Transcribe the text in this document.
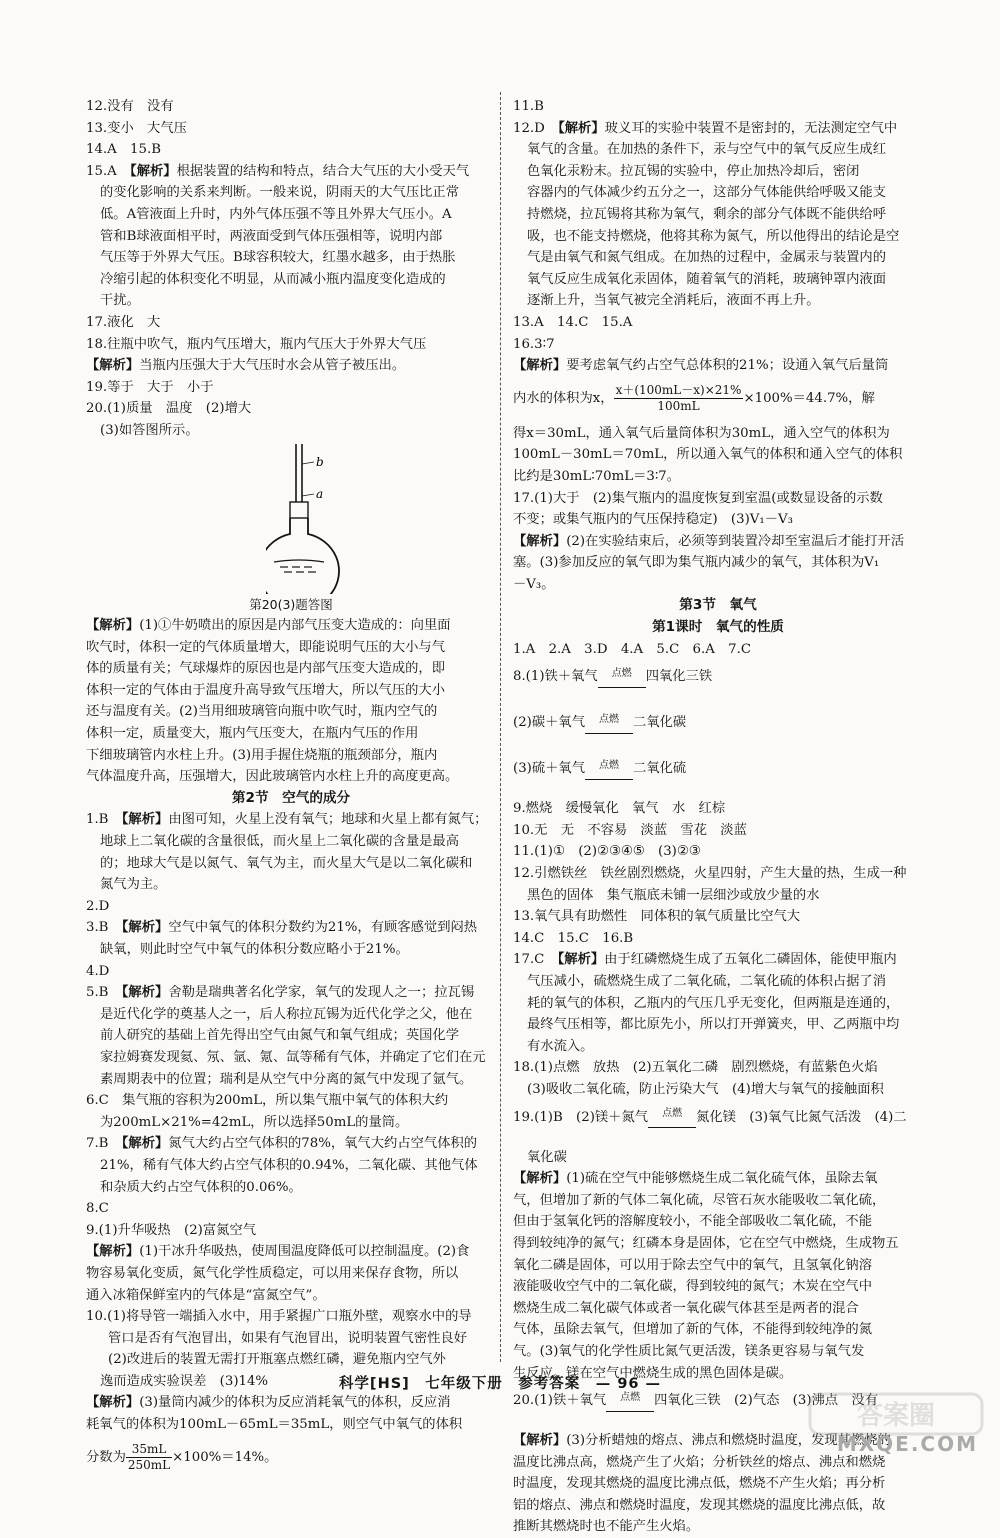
12.没有　没有
13.变小　大气压
14.A　15.B
15.A　 【解析】根据装置的结构和特点，结合大气压的大小受天气
的变化影响的关系来判断。一般来说，阴雨天的大气压比正常
低。A管液面上升时，内外气体压强不等且外界大气压小。A
管和B球液面相平时，两液面受到气体压强相等，说明内部
气压等于外界大气压。B球容积较大，红墨水越多，由于热胀
冷缩引起的体积变化不明显，从而减小瓶内温度变化造成的
干扰。
17.液化　大
18.往瓶中吹气，瓶内气压增大，瓶内气压大于外界大气压
【解析】当瓶内压强大于大气压时水会从管子被压出。
19.等于　大于　小于
20.(1)质量　温度　(2)增大
(3)如答图所示。
b
a
第20(3)题答图
【解析】(1)①牛奶喷出的原因是内部气压变大造成的：向里面
吹气时，体积一定的气体质量增大，即能说明气压的大小与气
体的质量有关；气球爆炸的原因也是内部气压变大造成的，即
体积一定的气体由于温度升高导致气压增大，所以气压的大小
还与温度有关。(2)当用细玻璃管向瓶中吹气时，瓶内空气的
体积一定，质量变大，瓶内气压变大，在瓶内气压的作用
下细玻璃管内水柱上升。(3)用手握住烧瓶的瓶颈部分，瓶内
气体温度升高，压强增大，因此玻璃管内水柱上升的高度更高。
第2节　空气的成分
1.B　 【解析】由图可知，火星上没有氧气；地球和火星上都有氮气；
地球上二氧化碳的含量很低，而火星上二氧化碳的含量是最高
的；地球大气是以氮气、氧气为主，而火星大气是以二氧化碳和
氮气为主。
2.D
3.B　 【解析】空气中氧气的体积分数约为21%，有顾客感觉到闷热
缺氧，则此时空气中氧气的体积分数应略小于21%。
4.D
5.B　 【解析】舍勒是瑞典著名化学家，氧气的发现人之一；拉瓦锡
是近代化学的奠基人之一，后人称拉瓦锡为近代化学之父，他在
前人研究的基础上首先得出空气由氮气和氧气组成；英国化学
家拉姆赛发现氦、氖、氩、氪、氙等稀有气体，并确定了它们在元
素周期表中的位置；瑞利是从空气中分离的氮气中发现了氩气。
6.C　集气瓶的容积为200mL，所以集气瓶中氧气的体积大约
为200mL×21%=42mL，所以选择50mL的量筒。
7.B　 【解析】氮气大约占空气体积的78%，氧气大约占空气体积的
21%，稀有气体大约占空气体积的0.94%，二氧化碳、其他气体
和杂质大约占空气体积的0.06%。
8.C
9.(1)升华吸热　(2)富氮空气
【解析】(1)干冰升华吸热，使周围温度降低可以控制温度。(2)食
物容易氧化变质，氮气化学性质稳定，可以用来保存食物，所以
通入冰箱保鲜室内的气体是“富氮空气”。
10.(1)将导管一端插入水中，用手紧握广口瓶外壁，观察水中的导
管口是否有气泡冒出，如果有气泡冒出，说明装置气密性良好
(2)改进后的装置无需打开瓶塞点燃红磷，避免瓶内空气外
逸而造成实验误差　(3)14%
【解析】(3)量筒内减少的体积为反应消耗氧气的体积，反应消
耗氧气的体积为100mL－65mL＝35mL，则空气中氧气的体积
分数为 $\frac{35mL}{250mL} \times 100\%=14\%$。
11.B
12.D　 【解析】玻义耳的实验中装置不是密封的，无法测定空气中
氧气的含量。在加热的条件下，汞与空气中的氧气反应生成红
色氧化汞粉末。拉瓦锡的实验中，停止加热冷却后，密闭
容器内的气体减少约五分之一，这部分气体能供给呼吸又能支
持燃烧，拉瓦锡将其称为氧气，剩余的部分气体既不能供给呼
吸，也不能支持燃烧，他将其称为氮气，所以他得出的结论是空
气是由氧气和氮气组成。在加热的过程中，金属汞与装置内的
氧气反应生成氧化汞固体，随着氧气的消耗，玻璃钟罩内液面
逐渐上升，当氧气被完全消耗后，液面不再上升。
13.A　14.C　15.A
16.3∶7
【解析】要考虑氧气约占空气总体积的21%；设通入氧气后量筒
内水的体积为x， $\frac{x+(100mL-x)\times 21\%}{100mL} \times 100\%=44.7\%$，解
得x＝30mL，通入氧气后量筒体积为30mL，通入空气的体积为
100mL－30mL＝70mL，所以通入氧气的体积和通入空气的体积
比约是30mL∶70mL＝3∶7。
17.(1)大于　(2)集气瓶内的温度恢复到室温(或数显设备的示数
不变；或集气瓶内的气压保持稳定)　(3)V₁－V₃
【解析】(2)在实验结束后，必须等到装置冷却至室温后才能打开活
塞。(3)参加反应的氧气即为集气瓶内减少的氧气，其体积为V₁
－V₃。
第3节　氧气
第1课时　氧气的性质
1.A　2.A　3.D　4.A　5.C　6.A　7.C
8.(1)铁＋氧气	点燃	四氧化三铁
(2)碳＋氧气	点燃	二氧化碳
(3)硫＋氧气	点燃	二氧化硫
9.燃烧　缓慢氧化　氧气　水　红棕
10.无　无　不容易　淡蓝　雪花　淡蓝
11.(1)①　(2)②③④⑤　(3)②③
12.引燃铁丝　铁丝剧烈燃烧，火星四射，产生大量的热，生成一种
黑色的固体　集气瓶底未铺一层细沙或放少量的水
13.氧气具有助燃性　同体积的氧气质量比空气大
14.C　15.C　16.B
17.C　 【解析】由于红磷燃烧生成了五氧化二磷固体，能使甲瓶内
气压减小，硫燃烧生成了二氧化硫，二氧化硫的体积占据了消
耗的氧气的体积，乙瓶内的气压几乎无变化，但两瓶是连通的，
最终气压相等，都比原先小，所以打开弹簧夹，甲、乙两瓶中均
有水流入。
18.(1)点燃　放热　(2)五氧化二磷　剧烈燃烧，有蓝紫色火焰
(3)吸收二氧化硫，防止污染大气　(4)增大与氧气的接触面积
19.(1)B　(2)镁＋氮气	点燃	氮化镁　(3)氧气比氮气活泼　(4)二
氧化碳
【解析】(1)硫在空气中能够燃烧生成二氧化硫气体，虽除去氧
气，但增加了新的气体二氧化硫，尽管石灰水能吸收二氧化硫，
但由于氢氧化钙的溶解度较小，不能全部吸收二氧化硫，不能
得到较纯净的氮气；红磷本身是固体，它在空气中燃烧，生成物五
氧化二磷是固体，可以用于除去空气中的氧气，且氢氧化钠溶
液能吸收空气中的二氧化碳，得到较纯的氮气；木炭在空气中
燃烧生成二氧化碳气体或者一氧化碳气体甚至是两者的混合
气体，虽除去氧气，但增加了新的气体，不能得到较纯净的氮
气。(3)氧气的化学性质比氮气更活泼，镁条更容易与氧气发
生反应。镁在空气中燃烧生成的黑色固体是碳。
20.(1)铁＋氧气	点燃	四氧化三铁　(2)气态　(3)沸点　没有
【解析】(3)分析蜡烛的熔点、沸点和燃烧时温度，发现其燃烧的
温度比沸点高，燃烧产生了火焰；分析铁丝的熔点、沸点和燃烧
时温度，发现其燃烧的温度比沸点低，燃烧不产生火焰；再分析
铝的熔点、沸点和燃烧时温度，发现其燃烧的温度比沸点低，故
推断其燃烧时也不能产生火焰。
科学[HS]　七年级下册　参考答案　— 96 —
答案圈
MXQE.COM
